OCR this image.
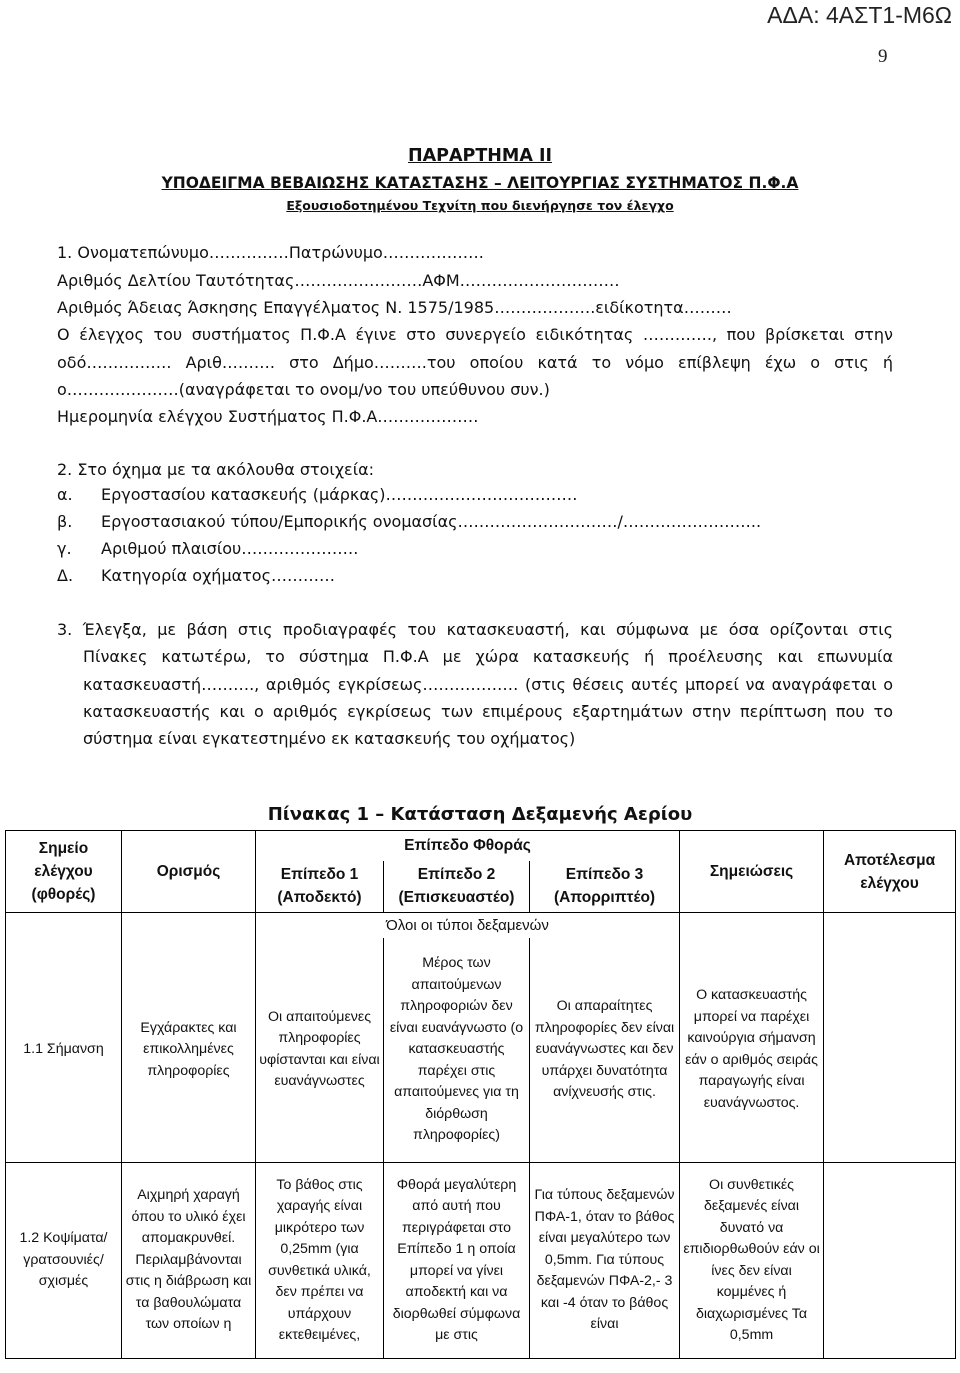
ΑΔΑ: 4ΑΣΤ1-Μ6Ω
9
ΠΑΡΑΡΤΗΜΑ ΙΙ
ΥΠΟΔΕΙΓΜΑ ΒΕΒΑΙΩΣΗΣ ΚΑΤΑΣΤΑΣΗΣ – ΛΕΙΤΟΥΡΓΙΑΣ ΣΥΣΤΗΜΑΤΟΣ Π.Φ.Α
Εξουσιοδοτημένου Τεχνίτη που διενήργησε τον έλεγχο
1. Ονοματεπώνυμο……………Πατρώνυμο……………….
Αριθμός Δελτίου Ταυτότητας……………………ΑΦΜ…………………………
Αριθμός Άδειας Άσκησης Επαγγέλματος Ν. 1575/1985……………….ειδίκοτητα………
Ο έλεγχος του συστήματος Π.Φ.Α έγινε στο συνεργείο ειδικότητας …………., που βρίσκεται στην
οδό……………. Αριθ………. στο Δήμο……….του οποίου κατά το νόμο επίβλεψη έχω ο στις ή
ο…………………(αναγράφεται το ονομ/νο του υπεύθυνου συν.)
Ημερομηνία ελέγχου Συστήματος Π.Φ.Α.………………
2. Στο όχημα με τα ακόλουθα στοιχεία:
α. Εργοστασίου κατασκευής (μάρκας)………………………………
β. Εργοστασιακού τύπου/Εμπορικής ονομασίας…………………………/……………………..
γ. Αριθμού πλαισίου………………….
Δ. Κατηγορία οχήματος…………
3. Έλεγξα, με βάση στις προδιαγραφές του κατασκευαστή, και σύμφωνα με όσα ορίζονται στις
Πίνακες κατωτέρω, το σύστημα Π.Φ.Α με χώρα κατασκευής ή προέλευσης και επωνυμία
κατασκευαστή………., αριθμός εγκρίσεως……………… (στις θέσεις αυτές μπορεί να αναγράφεται ο
κατασκευαστής και ο αριθμός εγκρίσεως των επιμέρους εξαρτημάτων στην περίπτωση που το
σύστημα είναι εγκατεστημένο εκ κατασκευής του οχήματος)
Πίνακας 1 – Κατάσταση Δεξαμενής Αερίου
Σημείο ελέγχου (φθορές)	Ορισμός	Επίπεδο Φθοράς			Σημειώσεις	Αποτέλεσμα ελέγχου
		Επίπεδο 1 (Αποδεκτό)	Επίπεδο 2 (Επισκευαστέο)	Επίπεδο 3 (Απορριπτέο)		
		Όλοι οι τύποι δεξαμενών				
1.1 Σήμανση	Εγχάρακτες και επικολλημένες πληροφορίες	Οι απαιτούμενες πληροφορίες υφίστανται και είναι ευανάγνωστες	Μέρος των απαιτούμενων πληροφοριών δεν είναι ευανάγνωστο (ο κατασκευαστής παρέχει στις απαιτούμενες για τη διόρθωση πληροφορίες)	Οι απαραίτητες πληροφορίες δεν είναι ευανάγνωστες και δεν υπάρχει δυνατότητα ανίχνευσής στις.	Ο κατασκευαστής μπορεί να παρέχει καινούργια σήμανση εάν ο αριθμός σειράς παραγωγής είναι ευανάγνωστος.	
1.2 Κοψίματα/ γρατσουνιές/ σχισμές	Αιχμηρή χαραγή όπου το υλικό έχει απομακρυνθεί. Περιλαμβάνονται στις η διάβρωση και τα βαθουλώματα των οποίων η	Το βάθος στις χαραγής είναι μικρότερο των 0,25mm (για συνθετικά υλικά, δεν πρέπει να υπάρχουν εκτεθειμένες,	Φθορά μεγαλύτερη από αυτή που περιγράφεται στο Επίπεδο 1 η οποία μπορεί να γίνει αποδεκτή και να διορθωθεί σύμφωνα με στις	Για τύπους δεξαμενών ΠΦΑ-1, όταν το βάθος είναι μεγαλύτερο των 0,5mm. Για τύπους δεξαμενών ΠΦΑ-2,- 3 και -4 όταν το βάθος είναι	Οι συνθετικές δεξαμενές είναι δυνατό να επιδιορθωθούν εάν οι ίνες δεν είναι κομμένες ή διαχωρισμένες Τα 0,5mm	
